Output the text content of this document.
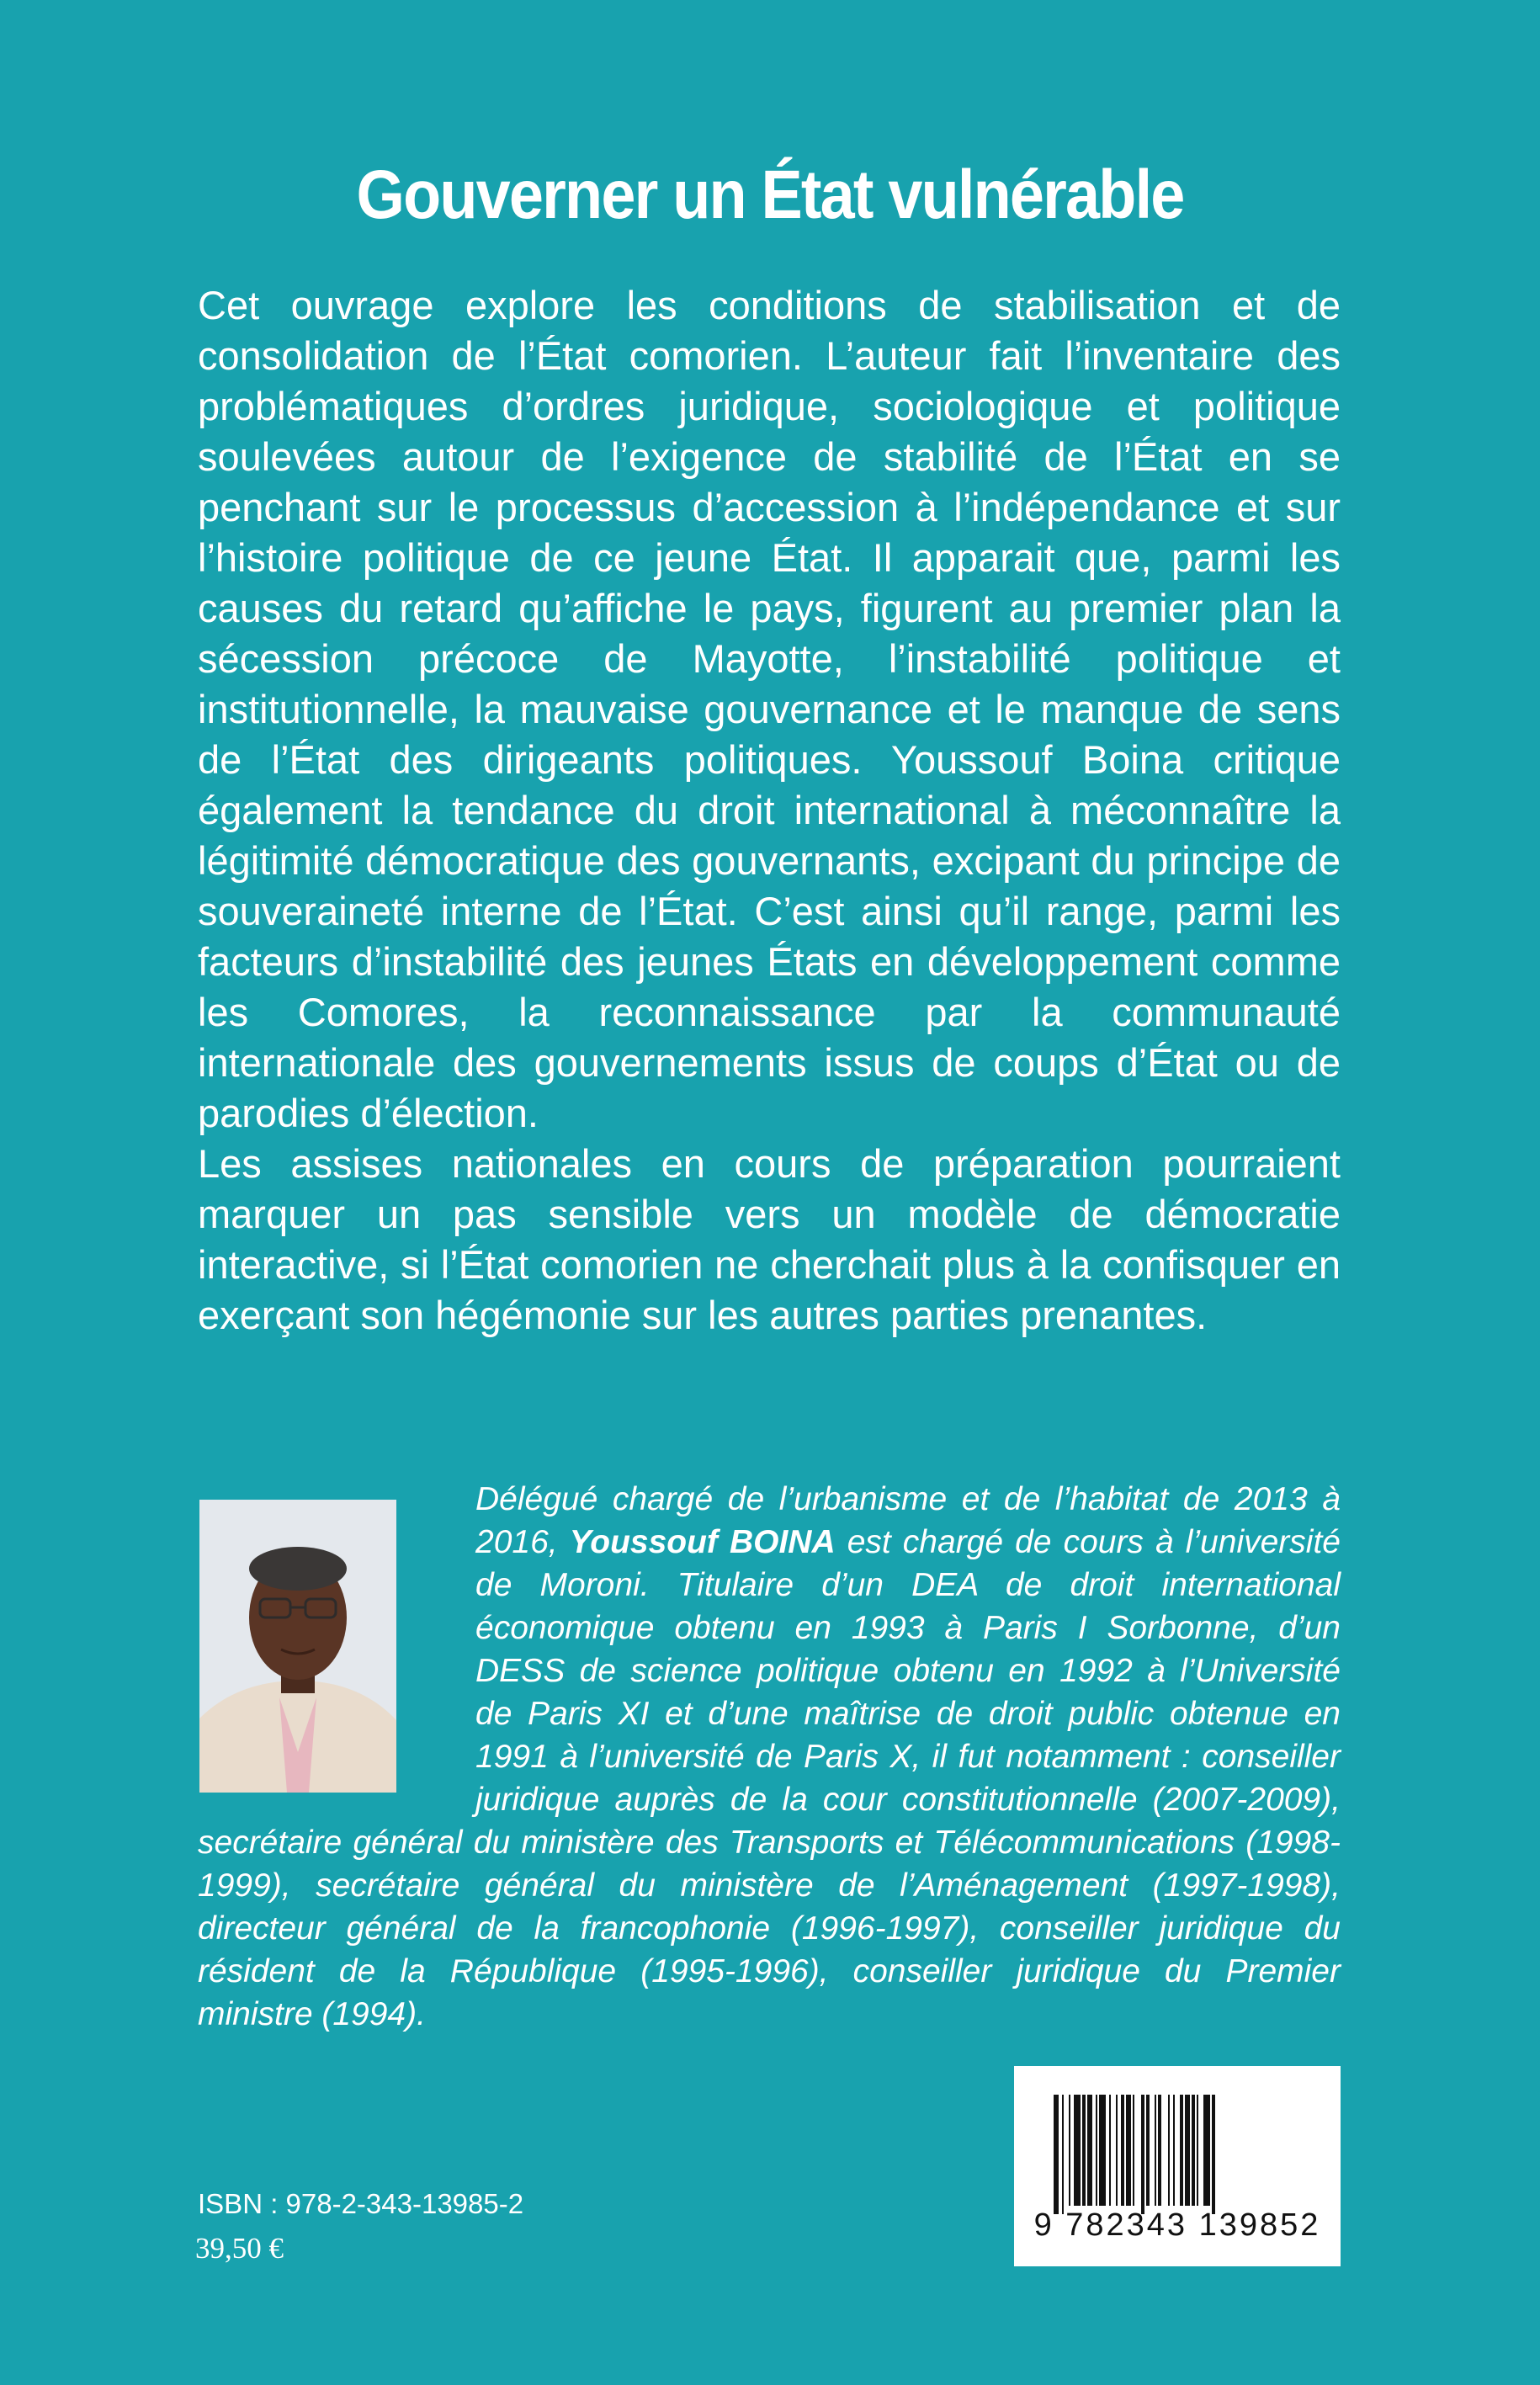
Gouverner un État vulnérable

Cet ouvrage explore les conditions de stabilisation et de consolidation de l’État comorien. L’auteur fait l’inventaire des problématiques d’ordres juridique, sociologique et politique soulevées autour de l’exigence de stabilité de l’État en se penchant sur le processus d’accession à l’indépendance et sur l’histoire politique de ce jeune État. Il apparait que, parmi les causes du retard qu’affiche le pays, figurent au premier plan la sécession précoce de Mayotte, l’instabilité politique et institutionnelle, la mauvaise gouvernance et le manque de sens de l’État des dirigeants politiques. Youssouf Boina critique également la tendance du droit international à méconnaître la légitimité démocratique des gouvernants, excipant du principe de souveraineté interne de l’État. C’est ainsi qu’il range, parmi les facteurs d’instabilité des jeunes États en développement comme les Comores, la reconnaissance par la communauté internationale des gouvernements issus de coups d’État ou de parodies d’élection.

Les assises nationales en cours de préparation pourraient marquer un pas sensible vers un modèle de démocratie interactive, si l’État comorien ne cherchait plus à la confisquer en exerçant son hégémonie sur les autres parties prenantes.

Délégué chargé de l’urbanisme et de l’habitat de 2013 à 2016, Youssouf BOINA est chargé de cours à l’université de Moroni. Titulaire d’un DEA de droit international économique obtenu en 1993 à Paris I Sorbonne, d’un DESS de science politique obtenu en 1992 à l’Université de Paris XI et d’une maîtrise de droit public obtenue en 1991 à l’université de Paris X, il fut notamment : conseiller juridique auprès de la cour constitutionnelle (2007-2009), secrétaire général du ministère des Transports et Télécommunications (1998-1999), secrétaire général du ministère de l’Aménagement (1997-1998), directeur général de la francophonie (1996-1997), conseiller juridique du résident de la République (1995-1996), conseiller juridique du Premier ministre (1994).

ISBN : 978-2-343-13985-2
39,50 €
9 782343 139852
